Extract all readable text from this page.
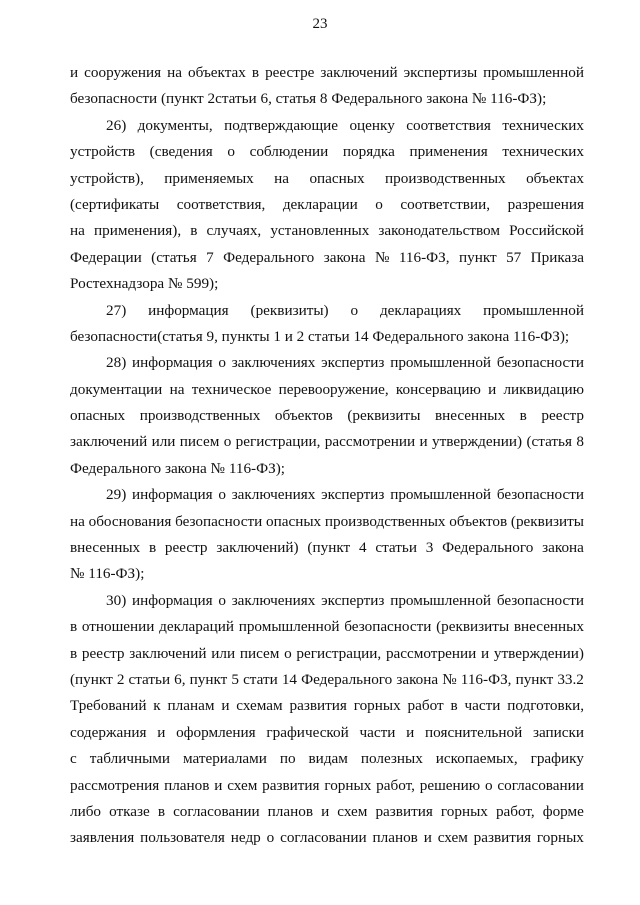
23
и сооружения на объектах в реестре заключений экспертизы промышленной
безопасности (пункт 2статьи 6, статья 8 Федерального закона № 116-ФЗ);
26) документы, подтверждающие оценку соответствия технических
устройств (сведения о соблюдении порядка применения технических
устройств), применяемых на опасных производственных объектах
(сертификаты соответствия, декларации о соответствии, разрешения
на применения), в случаях, установленных законодательством Российской
Федерации (статья 7 Федерального закона № 116-ФЗ, пункт 57 Приказа
Ростехнадзора № 599);
27) информация (реквизиты) о декларациях промышленной
безопасности(статья 9, пункты 1 и 2 статьи 14 Федерального закона 116-ФЗ);
28) информация о заключениях экспертиз промышленной безопасности
документации на техническое перевооружение, консервацию и ликвидацию
опасных производственных объектов (реквизиты внесенных в реестр
заключений или писем о регистрации, рассмотрении и утверждении) (статья 8
Федерального закона № 116-ФЗ);
29) информация о заключениях экспертиз промышленной безопасности
на обоснования безопасности опасных производственных объектов (реквизиты
внесенных в реестр заключений) (пункт 4 статьи 3 Федерального закона
№ 116-ФЗ);
30) информация о заключениях экспертиз промышленной безопасности
в отношении деклараций промышленной безопасности (реквизиты внесенных
в реестр заключений или писем о регистрации, рассмотрении и утверждении)
(пункт 2 статьи 6, пункт 5 стати 14 Федерального закона № 116-ФЗ, пункт 33.2
Требований к планам и схемам развития горных работ в части подготовки,
содержания и оформления графической части и пояснительной записки
с табличными материалами по видам полезных ископаемых, графику
рассмотрения планов и схем развития горных работ, решению о согласовании
либо отказе в согласовании планов и схем развития горных работ, форме
заявления пользователя недр о согласовании планов и схем развития горных
